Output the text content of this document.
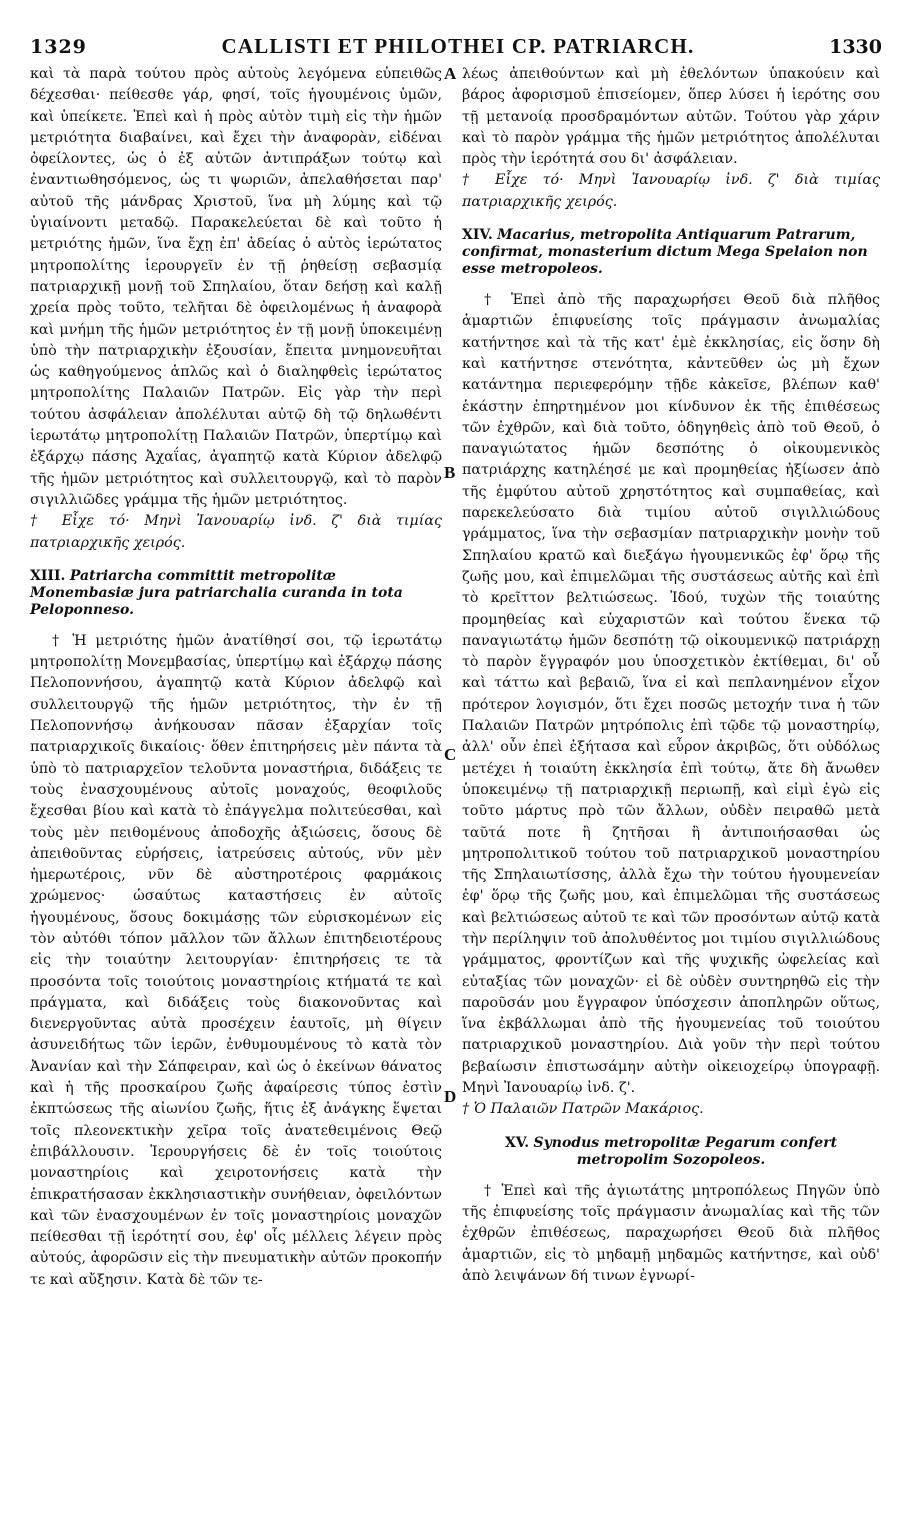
1329	CALLISTI ET PHILOTHEI CP. PATRIARCH.	1330
A
B
C
D

καὶ τὰ παρὰ τούτου πρὸς αὐτοὺς λεγόμενα εὐπειθῶς δέχεσθαι· πείθεσθε γάρ, φησί, τοῖς ἡγουμένοις ὑμῶν, καὶ ὑπείκετε. Ἐπεὶ καὶ ἡ πρὸς αὐτὸν τιμὴ εἰς τὴν ἡμῶν μετριότητα διαβαίνει, καὶ ἔχει τὴν ἀναφορὰν, εἰδέναι ὀφείλοντες, ὡς ὁ ἐξ αὐτῶν ἀντιπράξων τούτῳ καὶ ἐναντιωθησόμενος, ὡς τι ψωριῶν, ἀπελαθήσεται παρ' αὐτοῦ τῆς μάνδρας Χριστοῦ, ἵνα μὴ λύμης καὶ τῷ ὑγιαίνοντι μεταδῷ. Παρακελεύεται δὲ καὶ τοῦτο ἡ μετριότης ἡμῶν, ἵνα ἔχῃ ἐπ' ἀδείας ὁ αὐτὸς ἱερώτατος μητροπολίτης ἱερουργεῖν ἐν τῇ ῥηθείσῃ σεβασμίᾳ πατριαρχικῇ μονῇ τοῦ Σπηλαίου, ὅταν δεήσῃ καὶ καλῇ χρεία πρὸς τοῦτο, τελῆται δὲ ὀφειλομένως ἡ ἀναφορὰ καὶ μνήμη τῆς ἡμῶν μετριότητος ἐν τῇ μονῇ ὑποκειμένῃ ὑπὸ τὴν πατριαρχικὴν ἐξουσίαν, ἔπειτα μνημονευῆται ὡς καθηγούμενος ἁπλῶς καὶ ὁ διαληφθεὶς ἱερώτατος μητροπολίτης Παλαιῶν Πατρῶν. Εἰς γὰρ τὴν περὶ τούτου ἀσφάλειαν ἀπολέλυται αὐτῷ δὴ τῷ δηλωθέντι ἱερωτάτῳ μητροπολίτῃ Παλαιῶν Πατρῶν, ὑπερτίμῳ καὶ ἐξάρχῳ πάσης Ἀχαΐας, ἀγαπητῷ κατὰ Κύριον ἀδελφῷ τῆς ἡμῶν μετριότητος καὶ συλλειτουργῷ, καὶ τὸ παρὸν σιγιλλιῶδες γράμμα τῆς ἡμῶν μετριότητος.

† Εἶχε τό· Μηνὶ Ἰανουαρίῳ ἰνδ. ζ' διὰ τιμίας πατριαρχικῆς χειρός.

XIII. Patriarcha committit metropolitæ Monembasiæ jura patriarchalia curanda in tota Peloponneso.

† Ἡ μετριότης ἡμῶν ἀνατίθησί σοι, τῷ ἱερωτάτῳ μητροπολίτῃ Μονεμβασίας, ὑπερτίμῳ καὶ ἐξάρχῳ πάσης Πελοποννήσου, ἀγαπητῷ κατὰ Κύριον ἀδελφῷ καὶ συλλειτουργῷ τῆς ἡμῶν μετριότητος, τὴν ἐν τῇ Πελοποννήσῳ ἀνήκουσαν πᾶσαν ἐξαρχίαν τοῖς πατριαρχικοῖς δικαίοις· ὅθεν ἐπιτηρήσεις μὲν πάντα τὰ ὑπὸ τὸ πατριαρχεῖον τελοῦντα μοναστήρια, διδάξεις τε τοὺς ἐνασχουμένους αὐτοῖς μοναχούς, θεοφιλοῦς ἔχεσθαι βίου καὶ κατὰ τὸ ἐπάγγελμα πολιτεύεσθαι, καὶ τοὺς μὲν πειθομένους ἀποδοχῆς ἀξιώσεις, ὅσους δὲ ἀπειθοῦντας εὑρήσεις, ἰατρεύσεις αὐτούς, νῦν μὲν ἡμερωτέροις, νῦν δὲ αὐστηροτέροις φαρμάκοις χρώμενος· ὡσαύτως καταστήσεις ἐν αὐτοῖς ἡγουμένους, ὅσους δοκιμάσῃς τῶν εὑρισκομένων εἰς τὸν αὐτόθι τόπον μᾶλλον τῶν ἄλλων ἐπιτηδειοτέρους εἰς τὴν τοιαύτην λειτουργίαν· ἐπιτηρήσεις τε τὰ προσόντα τοῖς τοιούτοις μοναστηρίοις κτήματά τε καὶ πράγματα, καὶ διδάξεις τοὺς διακονοῦντας καὶ διενεργοῦντας αὐτὰ προσέχειν ἑαυτοῖς, μὴ θίγειν ἀσυνειδήτως τῶν ἱερῶν, ἐνθυμουμένους τὸ κατὰ τὸν Ἀνανίαν καὶ τὴν Σάπφειραν, καὶ ὡς ὁ ἐκείνων θάνατος καὶ ἡ τῆς προσκαίρου ζωῆς ἀφαίρεσις τύπος ἐστὶν ἐκπτώσεως τῆς αἰωνίου ζωῆς, ἥτις ἐξ ἀνάγκης ἕψεται τοῖς πλεονεκτικὴν χεῖρα τοῖς ἀνατεθειμένοις Θεῷ ἐπιβάλλουσιν. Ἱερουργήσεις δὲ ἐν τοῖς τοιούτοις μοναστηρίοις καὶ χειροτονήσεις κατὰ τὴν ἐπικρατήσασαν ἐκκλησιαστικὴν συνήθειαν, ὀφειλόντων καὶ τῶν ἐνασχουμένων ἐν τοῖς μοναστηρίοις μοναχῶν πείθεσθαι τῇ ἱερότητί σου, ἐφ' οἷς μέλλεις λέγειν πρὸς αὐτούς, ἀφορῶσιν εἰς τὴν πνευματικὴν αὐτῶν προκοπήν τε καὶ αὔξησιν. Κατὰ δὲ τῶν τε-

λέως ἀπειθούντων καὶ μὴ ἐθελόντων ὑπακούειν καὶ βάρος ἀφορισμοῦ ἐπισείομεν, ὅπερ λύσει ἡ ἱερότης σου τῇ μετανοίᾳ προσδραμόντων αὐτῶν. Τούτου γὰρ χάριν καὶ τὸ παρὸν γράμμα τῆς ἡμῶν μετριότητος ἀπολέλυται πρὸς τὴν ἱερότητά σου δι' ἀσφάλειαν.

† Εἶχε τό· Μηνὶ Ἰανουαρίῳ ἰνδ. ζ' διὰ τιμίας πατριαρχικῆς χειρός.

XIV. Macarius, metropolita Antiquarum Patrarum, confirmat, monasterium dictum Mega Spelaion non esse metropoleos.

† Ἐπεὶ ἀπὸ τῆς παραχωρήσει Θεοῦ διὰ πλῆθος ἁμαρτιῶν ἐπιφυείσης τοῖς πράγμασιν ἀνωμαλίας κατήντησε καὶ τὰ τῆς κατ' ἐμὲ ἐκκλησίας, εἰς ὅσην δὴ καὶ κατήντησε στενότητα, κἀντεῦθεν ὡς μὴ ἔχων κατάντημα περιεφερόμην τῇδε κἀκεῖσε, βλέπων καθ' ἑκάστην ἐπηρτημένον μοι κίνδυνον ἐκ τῆς ἐπιθέσεως τῶν ἐχθρῶν, καὶ διὰ τοῦτο, ὁδηγηθεὶς ἀπὸ τοῦ Θεοῦ, ὁ παναγιώτατος ἡμῶν δεσπότης ὁ οἰκουμενικὸς πατριάρχης κατηλέησέ με καὶ προμηθείας ἠξίωσεν ἀπὸ τῆς ἐμφύτου αὐτοῦ χρηστότητος καὶ συμπαθείας, καὶ παρεκελεύσατο διὰ τιμίου αὐτοῦ σιγιλλιώδους γράμματος, ἵνα τὴν σεβασμίαν πατριαρχικὴν μονὴν τοῦ Σπηλαίου κρατῶ καὶ διεξάγω ἡγουμενικῶς ἐφ' ὅρῳ τῆς ζωῆς μου, καὶ ἐπιμελῶμαι τῆς συστάσεως αὐτῆς καὶ ἐπὶ τὸ κρεῖττον βελτιώσεως. Ἰδού, τυχὼν τῆς τοιαύτης προμηθείας καὶ εὐχαριστῶν καὶ τούτου ἕνεκα τῷ παναγιωτάτῳ ἡμῶν δεσπότῃ τῷ οἰκουμενικῷ πατριάρχῃ τὸ παρὸν ἔγγραφόν μου ὑποσχετικὸν ἐκτίθεμαι, δι' οὗ καὶ τάττω καὶ βεβαιῶ, ἵνα εἰ καὶ πεπλανημένον εἶχον πρότερον λογισμόν, ὅτι ἔχει ποσῶς μετοχήν τινα ἡ τῶν Παλαιῶν Πατρῶν μητρόπολις ἐπὶ τῷδε τῷ μοναστηρίῳ, ἀλλ' οὖν ἐπεὶ ἐξήτασα καὶ εὗρον ἀκριβῶς, ὅτι οὐδόλως μετέχει ἡ τοιαύτη ἐκκλησία ἐπὶ τούτῳ, ἅτε δὴ ἄνωθεν ὑποκειμένῳ τῇ πατριαρχικῇ περιωπῇ, καὶ εἰμὶ ἐγὼ εἰς τοῦτο μάρτυς πρὸ τῶν ἄλλων, οὐδὲν πειραθῶ μετὰ ταῦτά ποτε ἢ ζητῆσαι ἢ ἀντιποιήσασθαι ὡς μητροπολιτικοῦ τούτου τοῦ πατριαρχικοῦ μοναστηρίου τῆς Σπηλαιωτίσσης, ἀλλὰ ἔχω τὴν τούτου ἡγουμενείαν ἐφ' ὅρῳ τῆς ζωῆς μου, καὶ ἐπιμελῶμαι τῆς συστάσεως καὶ βελτιώσεως αὐτοῦ τε καὶ τῶν προσόντων αὐτῷ κατὰ τὴν περίληψιν τοῦ ἀπολυθέντος μοι τιμίου σιγιλλιώδους γράμματος, φροντίζων καὶ τῆς ψυχικῆς ὠφελείας καὶ εὐταξίας τῶν μοναχῶν· εἰ δὲ οὐδὲν συντηρηθῶ εἰς τὴν παροῦσάν μου ἔγγραφον ὑπόσχεσιν ἀποπληρῶν οὕτως, ἵνα ἐκβάλλωμαι ἀπὸ τῆς ἡγουμενείας τοῦ τοιούτου πατριαρχικοῦ μοναστηρίου. Διὰ γοῦν τὴν περὶ τούτου βεβαίωσιν ἐπιστωσάμην αὐτὴν οἰκειοχείρῳ ὑπογραφῇ. Μηνὶ Ἰανουαρίῳ ἰνδ. ζ'.

† Ὁ Παλαιῶν Πατρῶν Μακάριος.

XV. Synodus metropolitæ Pegarum confert metropolim Sozopoleos.

† Ἐπεὶ καὶ τῆς ἁγιωτάτης μητροπόλεως Πηγῶν ὑπὸ τῆς ἐπιφυείσης τοῖς πράγμασιν ἀνωμαλίας καὶ τῆς τῶν ἐχθρῶν ἐπιθέσεως, παραχωρήσει Θεοῦ διὰ πλῆθος ἁμαρτιῶν, εἰς τὸ μηδαμῇ μηδαμῶς κατήντησε, καὶ οὐδ' ἀπὸ λειψάνων δή τινων ἐγνωρί-
